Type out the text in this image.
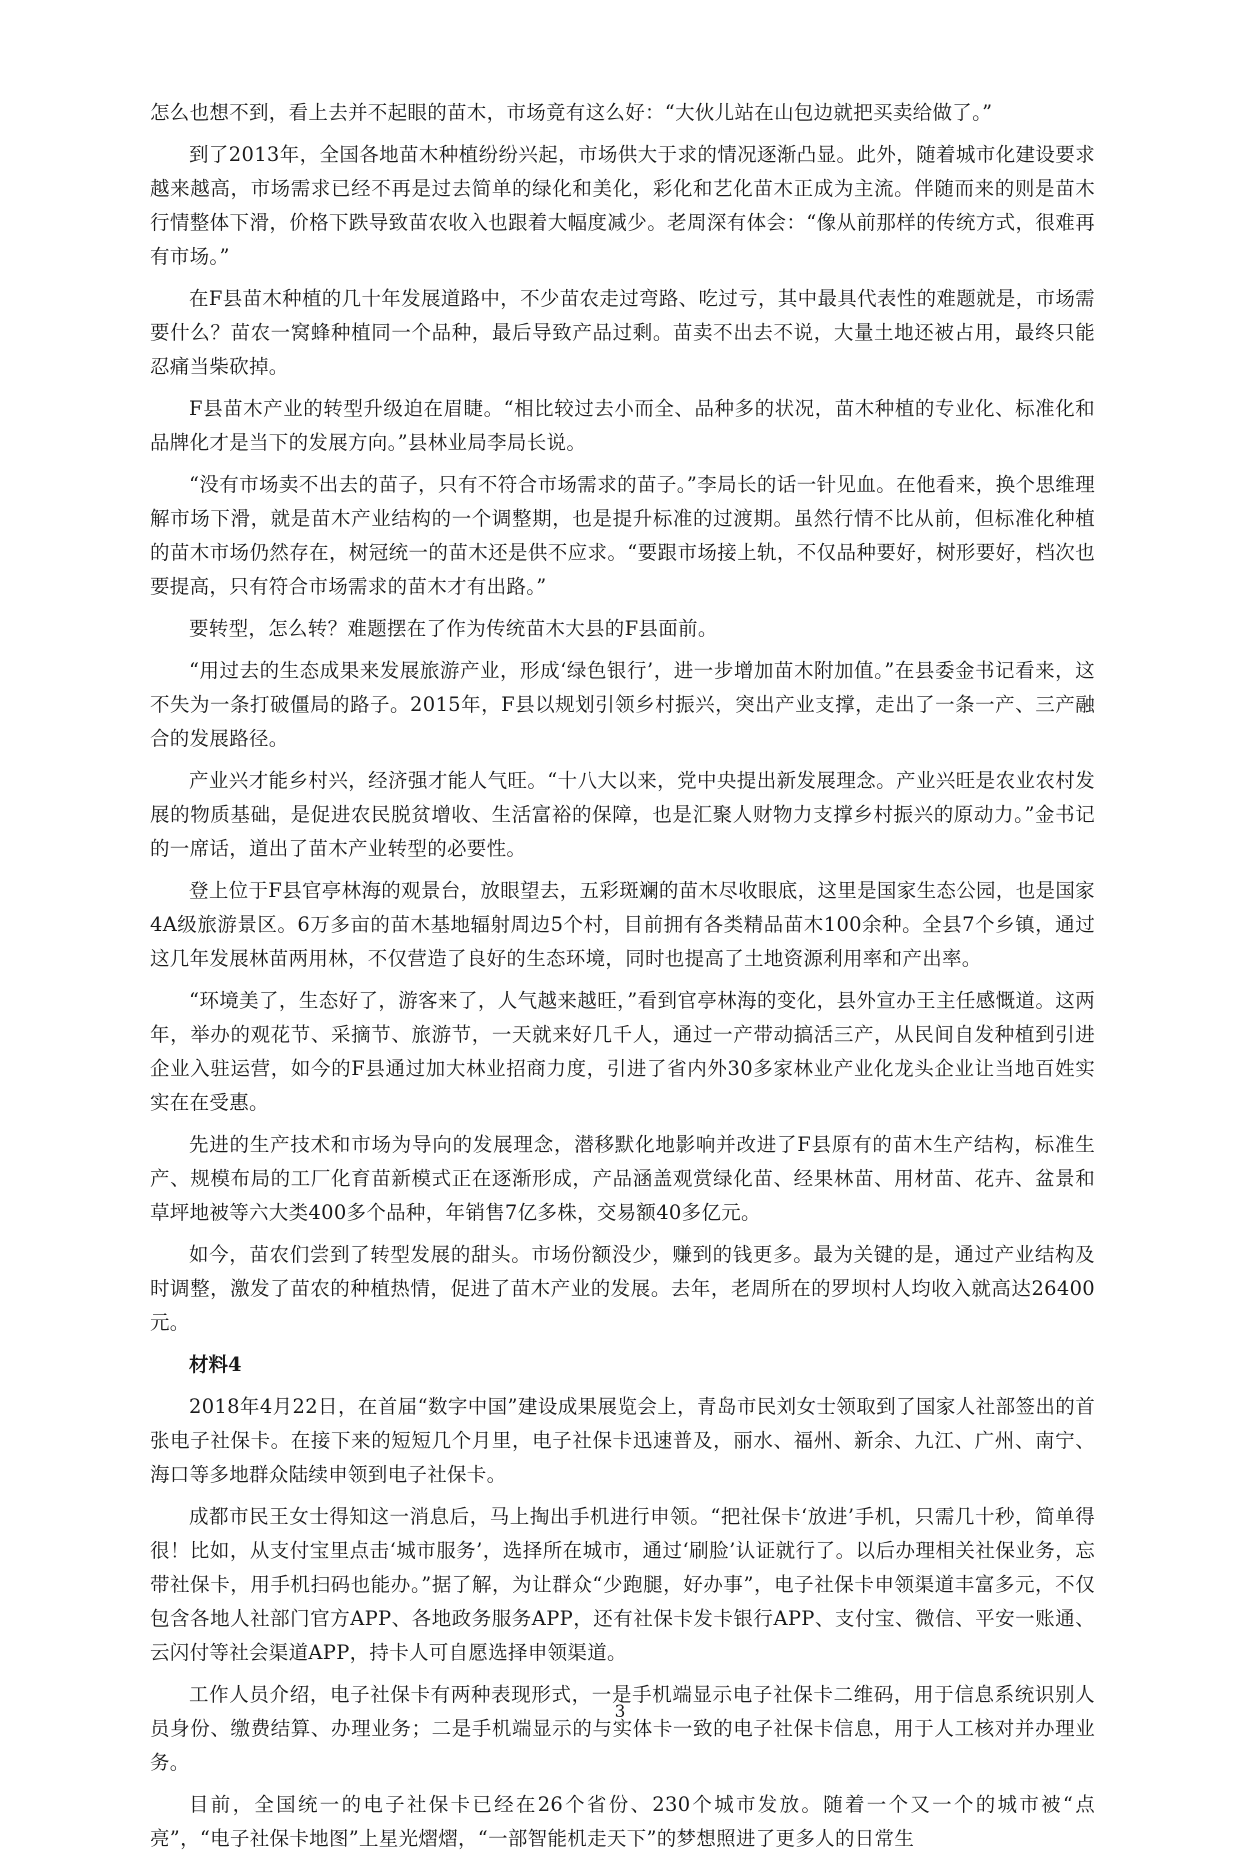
怎么也想不到，看上去并不起眼的苗木，市场竟有这么好：“大伙儿站在山包边就把买卖给做了。”

到了2013年，全国各地苗木种植纷纷兴起，市场供大于求的情况逐渐凸显。此外，随着城市化建设要求越来越高，市场需求已经不再是过去简单的绿化和美化，彩化和艺化苗木正成为主流。伴随而来的则是苗木行情整体下滑，价格下跌导致苗农收入也跟着大幅度减少。老周深有体会：“像从前那样的传统方式，很难再有市场。”

在F县苗木种植的几十年发展道路中，不少苗农走过弯路、吃过亏，其中最具代表性的难题就是，市场需要什么？苗农一窝蜂种植同一个品种，最后导致产品过剩。苗卖不出去不说，大量土地还被占用，最终只能忍痛当柴砍掉。

F县苗木产业的转型升级迫在眉睫。“相比较过去小而全、品种多的状况，苗木种植的专业化、标准化和品牌化才是当下的发展方向。”县林业局李局长说。

“没有市场卖不出去的苗子，只有不符合市场需求的苗子。”李局长的话一针见血。在他看来，换个思维理解市场下滑，就是苗木产业结构的一个调整期，也是提升标准的过渡期。虽然行情不比从前，但标准化种植的苗木市场仍然存在，树冠统一的苗木还是供不应求。“要跟市场接上轨，不仅品种要好，树形要好，档次也要提高，只有符合市场需求的苗木才有出路。”

要转型，怎么转？难题摆在了作为传统苗木大县的F县面前。

“用过去的生态成果来发展旅游产业，形成‘绿色银行’，进一步增加苗木附加值。”在县委金书记看来，这不失为一条打破僵局的路子。2015年，F县以规划引领乡村振兴，突出产业支撑，走出了一条一产、三产融合的发展路径。

产业兴才能乡村兴，经济强才能人气旺。“十八大以来，党中央提出新发展理念。产业兴旺是农业农村发展的物质基础，是促进农民脱贫增收、生活富裕的保障，也是汇聚人财物力支撑乡村振兴的原动力。”金书记的一席话，道出了苗木产业转型的必要性。

登上位于F县官亭林海的观景台，放眼望去，五彩斑斓的苗木尽收眼底，这里是国家生态公园，也是国家4A级旅游景区。6万多亩的苗木基地辐射周边5个村，目前拥有各类精品苗木100余种。全县7个乡镇，通过这几年发展林苗两用林，不仅营造了良好的生态环境，同时也提高了土地资源利用率和产出率。

“环境美了，生态好了，游客来了，人气越来越旺，”看到官亭林海的变化，县外宣办王主任感慨道。这两年，举办的观花节、采摘节、旅游节，一天就来好几千人，通过一产带动搞活三产，从民间自发种植到引进企业入驻运营，如今的F县通过加大林业招商力度，引进了省内外30多家林业产业化龙头企业让当地百姓实实在在受惠。

先进的生产技术和市场为导向的发展理念，潜移默化地影响并改进了F县原有的苗木生产结构，标准生产、规模布局的工厂化育苗新模式正在逐渐形成，产品涵盖观赏绿化苗、经果林苗、用材苗、花卉、盆景和草坪地被等六大类400多个品种，年销售7亿多株，交易额40多亿元。

如今，苗农们尝到了转型发展的甜头。市场份额没少，赚到的钱更多。最为关键的是，通过产业结构及时调整，激发了苗农的种植热情，促进了苗木产业的发展。去年，老周所在的罗坝村人均收入就高达26400元。

材料4

2018年4月22日，在首届“数字中国”建设成果展览会上，青岛市民刘女士领取到了国家人社部签出的首张电子社保卡。在接下来的短短几个月里，电子社保卡迅速普及，丽水、福州、新余、九江、广州、南宁、海口等多地群众陆续申领到电子社保卡。

成都市民王女士得知这一消息后，马上掏出手机进行申领。“把社保卡‘放进’手机，只需几十秒，简单得很！比如，从支付宝里点击‘城市服务’，选择所在城市，通过‘刷脸’认证就行了。以后办理相关社保业务，忘带社保卡，用手机扫码也能办。”据了解，为让群众“少跑腿，好办事”，电子社保卡申领渠道丰富多元，不仅包含各地人社部门官方APP、各地政务服务APP，还有社保卡发卡银行APP、支付宝、微信、平安一账通、云闪付等社会渠道APP，持卡人可自愿选择申领渠道。

工作人员介绍，电子社保卡有两种表现形式，一是手机端显示电子社保卡二维码，用于信息系统识别人员身份、缴费结算、办理业务；二是手机端显示的与实体卡一致的电子社保卡信息，用于人工核对并办理业务。

目前，全国统一的电子社保卡已经在26个省份、230个城市发放。随着一个又一个的城市被“点亮”，“电子社保卡地图”上星光熠熠，“一部智能机走天下”的梦想照进了更多人的日常生

3
